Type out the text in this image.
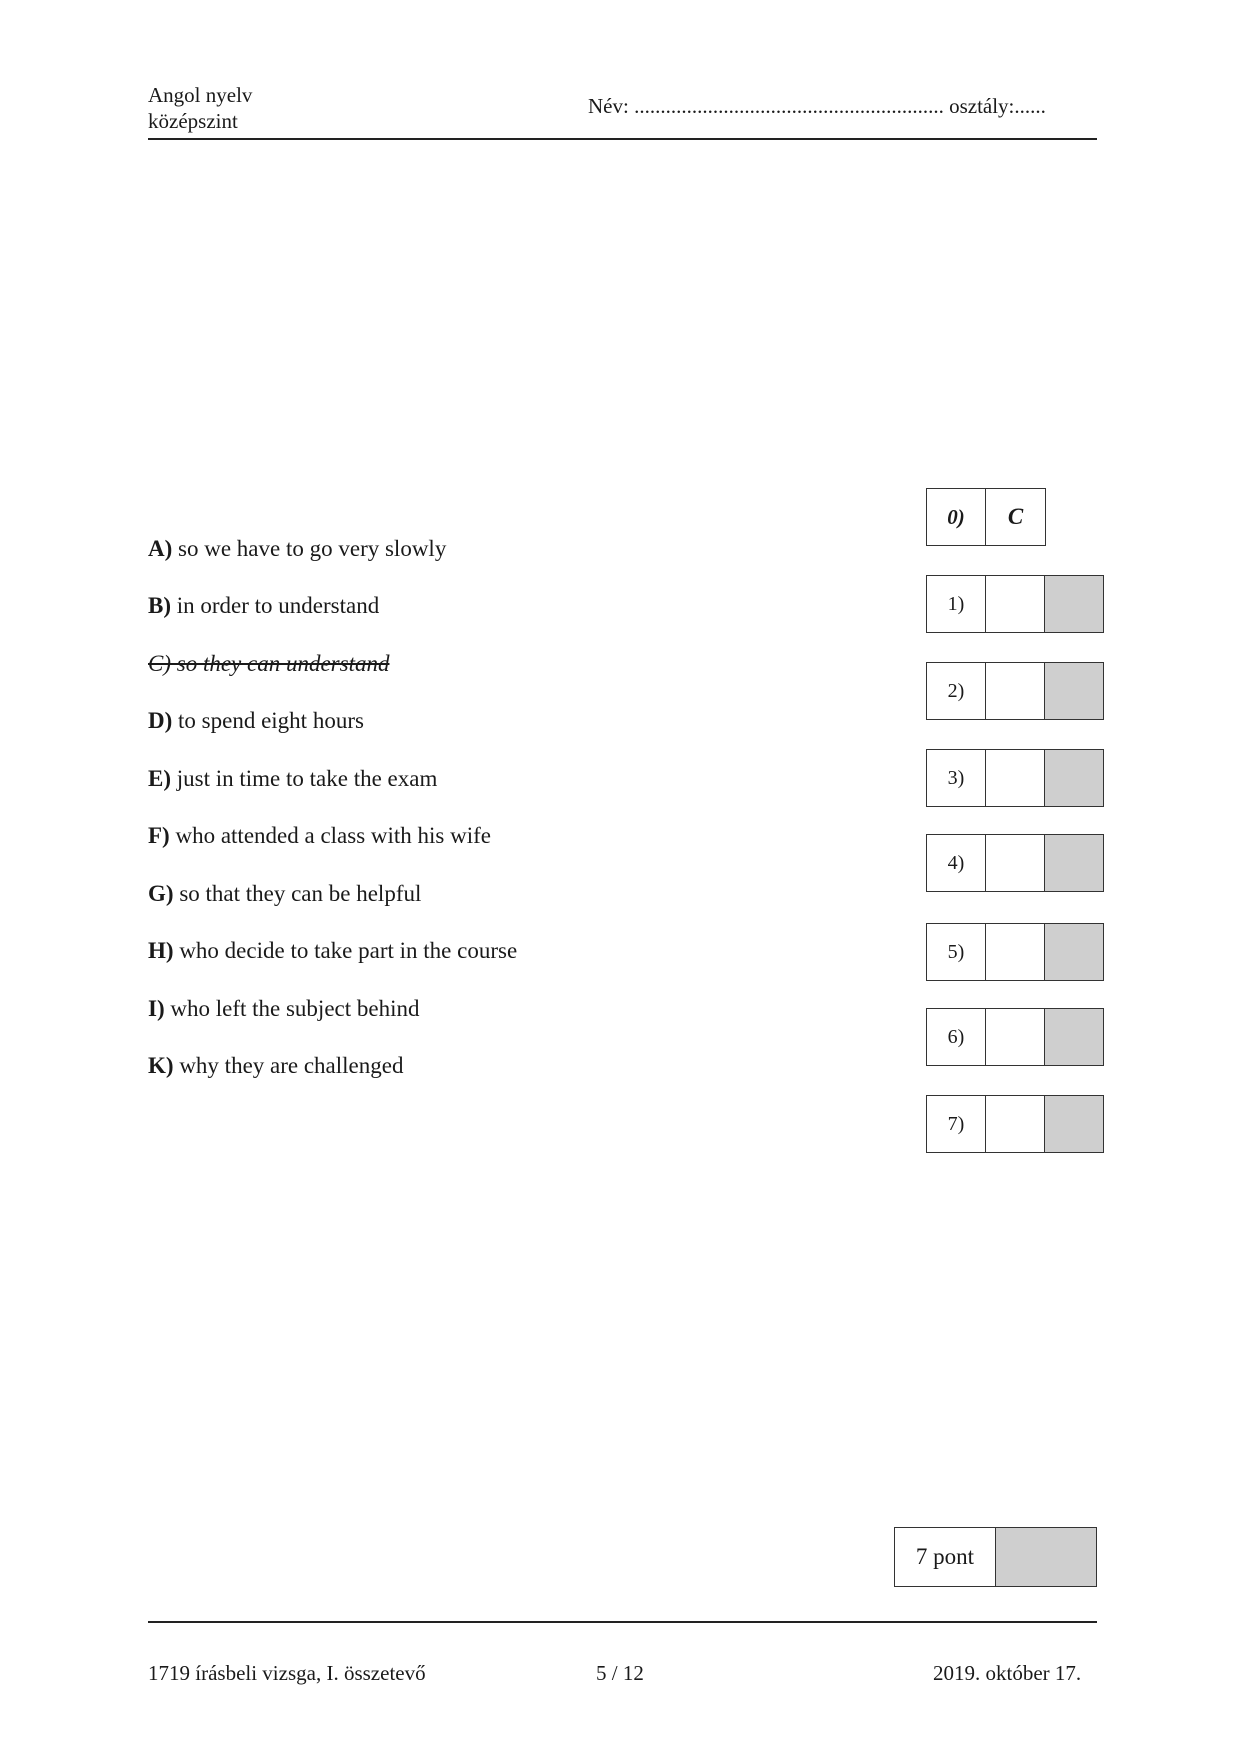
Angol nyelv
középszint
Név: ........................................................... osztály:......
A) so we have to go very slowly
B) in order to understand
C) so they can understand
D) to spend eight hours
E) just in time to take the exam
F) who attended a class with his wife
G) so that they can be helpful
H) who decide to take part in the course
I) who left the subject behind
K) why they are challenged
0)	C
1)
2)
3)
4)
5)
6)
7)
7 pont
1719 írásbeli vizsga, I. összetevő	5 / 12	2019. október 17.
